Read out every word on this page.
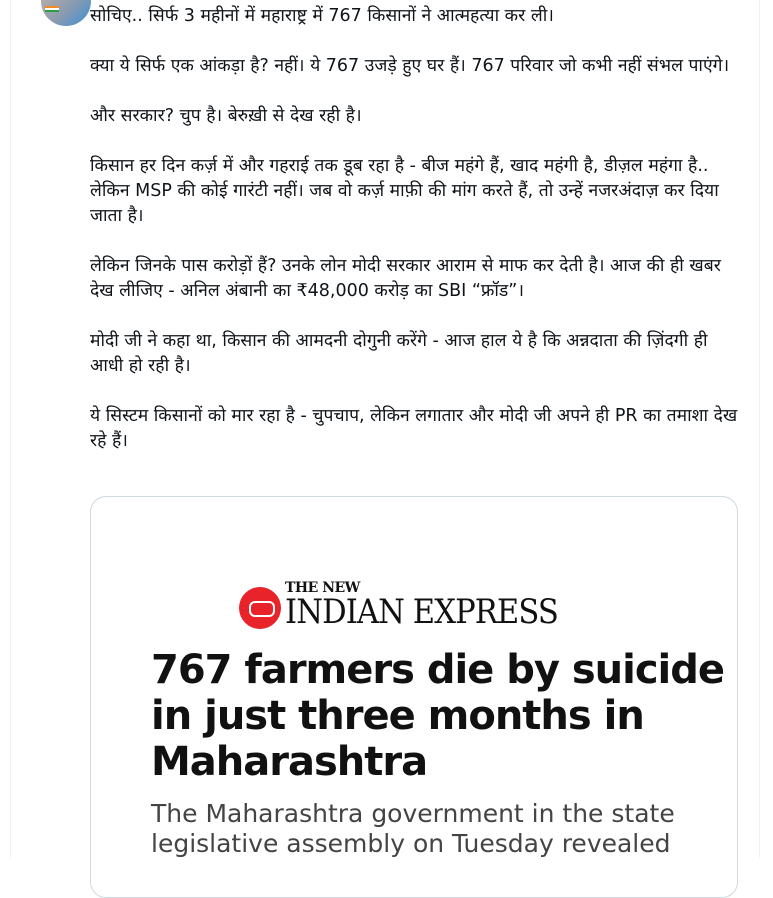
सोचिए.. सिर्फ 3 महीनों में महाराष्ट्र में 767 किसानों ने आत्महत्या कर ली।

क्या ये सिर्फ एक आंकड़ा है? नहीं। ये 767 उजड़े हुए घर हैं। 767 परिवार जो कभी नहीं संभल पाएंगे।

और सरकार? चुप है। बेरुख़ी से देख रही है।

किसान हर दिन कर्ज़ में और गहराई तक डूब रहा है - बीज महंगे हैं, खाद महंगी है, डीज़ल महंगा है.. लेकिन MSP की कोई गारंटी नहीं। जब वो कर्ज़ माफ़ी की मांग करते हैं, तो उन्हें नजरअंदाज़ कर दिया जाता है।

लेकिन जिनके पास करोड़ों हैं? उनके लोन मोदी सरकार आराम से माफ कर देती है। आज की ही खबर देख लीजिए - अनिल अंबानी का ₹48,000 करोड़ का SBI “फ्रॉड”।

मोदी जी ने कहा था, किसान की आमदनी दोगुनी करेंगे - आज हाल ये है कि अन्नदाता की ज़िंदगी ही आधी हो रही है।

ये सिस्टम किसानों को मार रहा है - चुपचाप, लेकिन लगातार और मोदी जी अपने ही PR का तमाशा देख रहे हैं।

THE NEW
INDIAN EXPRESS
767 farmers die by suicide in just three months in Maharashtra
The Maharashtra government in the state legislative assembly on Tuesday revealed
